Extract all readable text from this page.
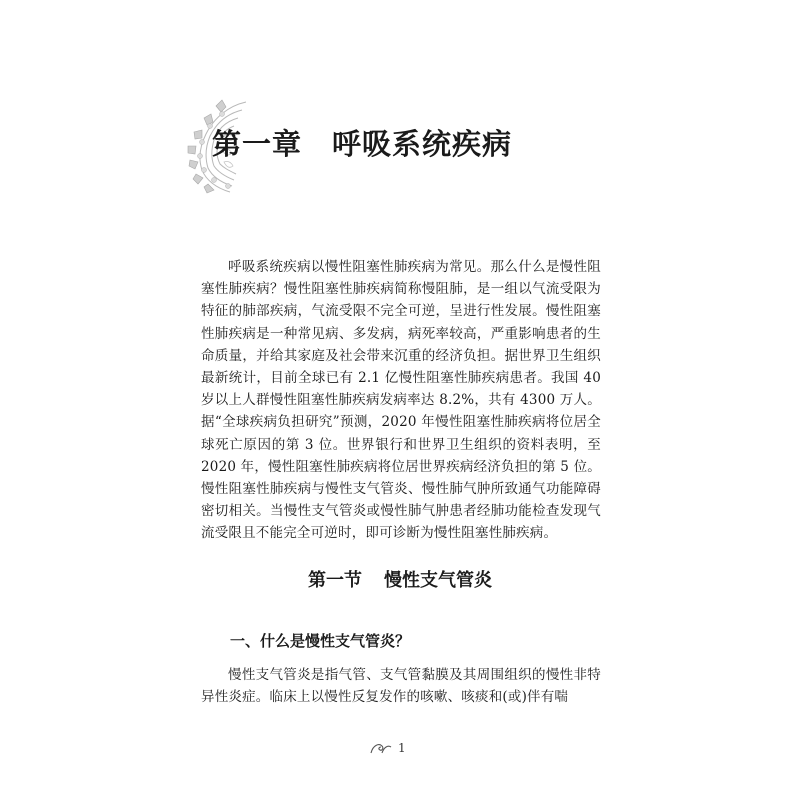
第一章 呼吸系统疾病

呼吸系统疾病以慢性阻塞性肺疾病为常见。那么什么是慢性阻塞性肺疾病？慢性阻塞性肺疾病简称慢阻肺，是一组以气流受限为特征的肺部疾病，气流受限不完全可逆，呈进行性发展。慢性阻塞性肺疾病是一种常见病、多发病，病死率较高，严重影响患者的生命质量，并给其家庭及社会带来沉重的经济负担。据世界卫生组织最新统计，目前全球已有 2.1 亿慢性阻塞性肺疾病患者。我国 40 岁以上人群慢性阻塞性肺疾病发病率达 8.2%，共有 4300 万人。据“全球疾病负担研究”预测，2020 年慢性阻塞性肺疾病将位居全球死亡原因的第 3 位。世界银行和世界卫生组织的资料表明，至 2020 年，慢性阻塞性肺疾病将位居世界疾病经济负担的第 5 位。慢性阻塞性肺疾病与慢性支气管炎、慢性肺气肿所致通气功能障碍密切相关。当慢性支气管炎或慢性肺气肿患者经肺功能检查发现气流受限且不能完全可逆时，即可诊断为慢性阻塞性肺疾病。

第一节 慢性支气管炎
一、什么是慢性支气管炎？

慢性支气管炎是指气管、支气管黏膜及其周围组织的慢性非特异性炎症。临床上以慢性反复发作的咳嗽、咳痰和(或)伴有喘

1
